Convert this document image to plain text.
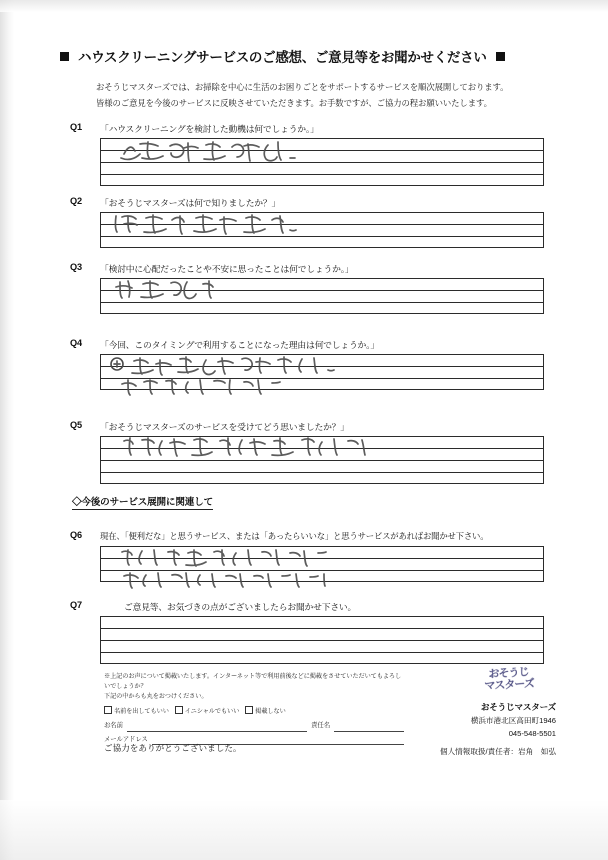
ハウスクリーニングサービスのご感想、ご意見等をお聞かせください
おそうじマスターズでは、お掃除を中心に生活のお困りごとをサポートするサービスを順次展開しております。
皆様のご意見を今後のサービスに反映させていただきます。お手数ですが、ご協力の程お願いいたします。
Q1 「ハウスクリーニングを検討した動機は何でしょうか。」
Q2 「おそうじマスターズは何で知りましたか？」
Q3 「検討中に心配だったことや不安に思ったことは何でしょうか。」
Q4 「今回、このタイミングで利用することになった理由は何でしょうか。」
Q5 「おそうじマスターズのサービスを受けてどう思いましたか？」
◇今後のサービス展開に関連して
Q6 現在、「便利だな」と思うサービス、または「あったらいいな」と思うサービスがあればお聞かせ下さい。
Q7	ご意見等、お気づきの点がございましたらお聞かせ下さい。
※上記のお声について掲載いたします。インターネット等で利用前後などに掲載をさせていただいてもよろしいでしょうか？
下記の中からも丸をおつけください。
名前を出してもいい	イニシャルでもいい	掲載しない
お名前	責任名
メールアドレス
ご協力をありがとうございました。
おそうじ
マスターズ
おそうじマスターズ
横浜市港北区高田町1946
045-548-5501
個人情報取扱/責任者：岩角　如弘
